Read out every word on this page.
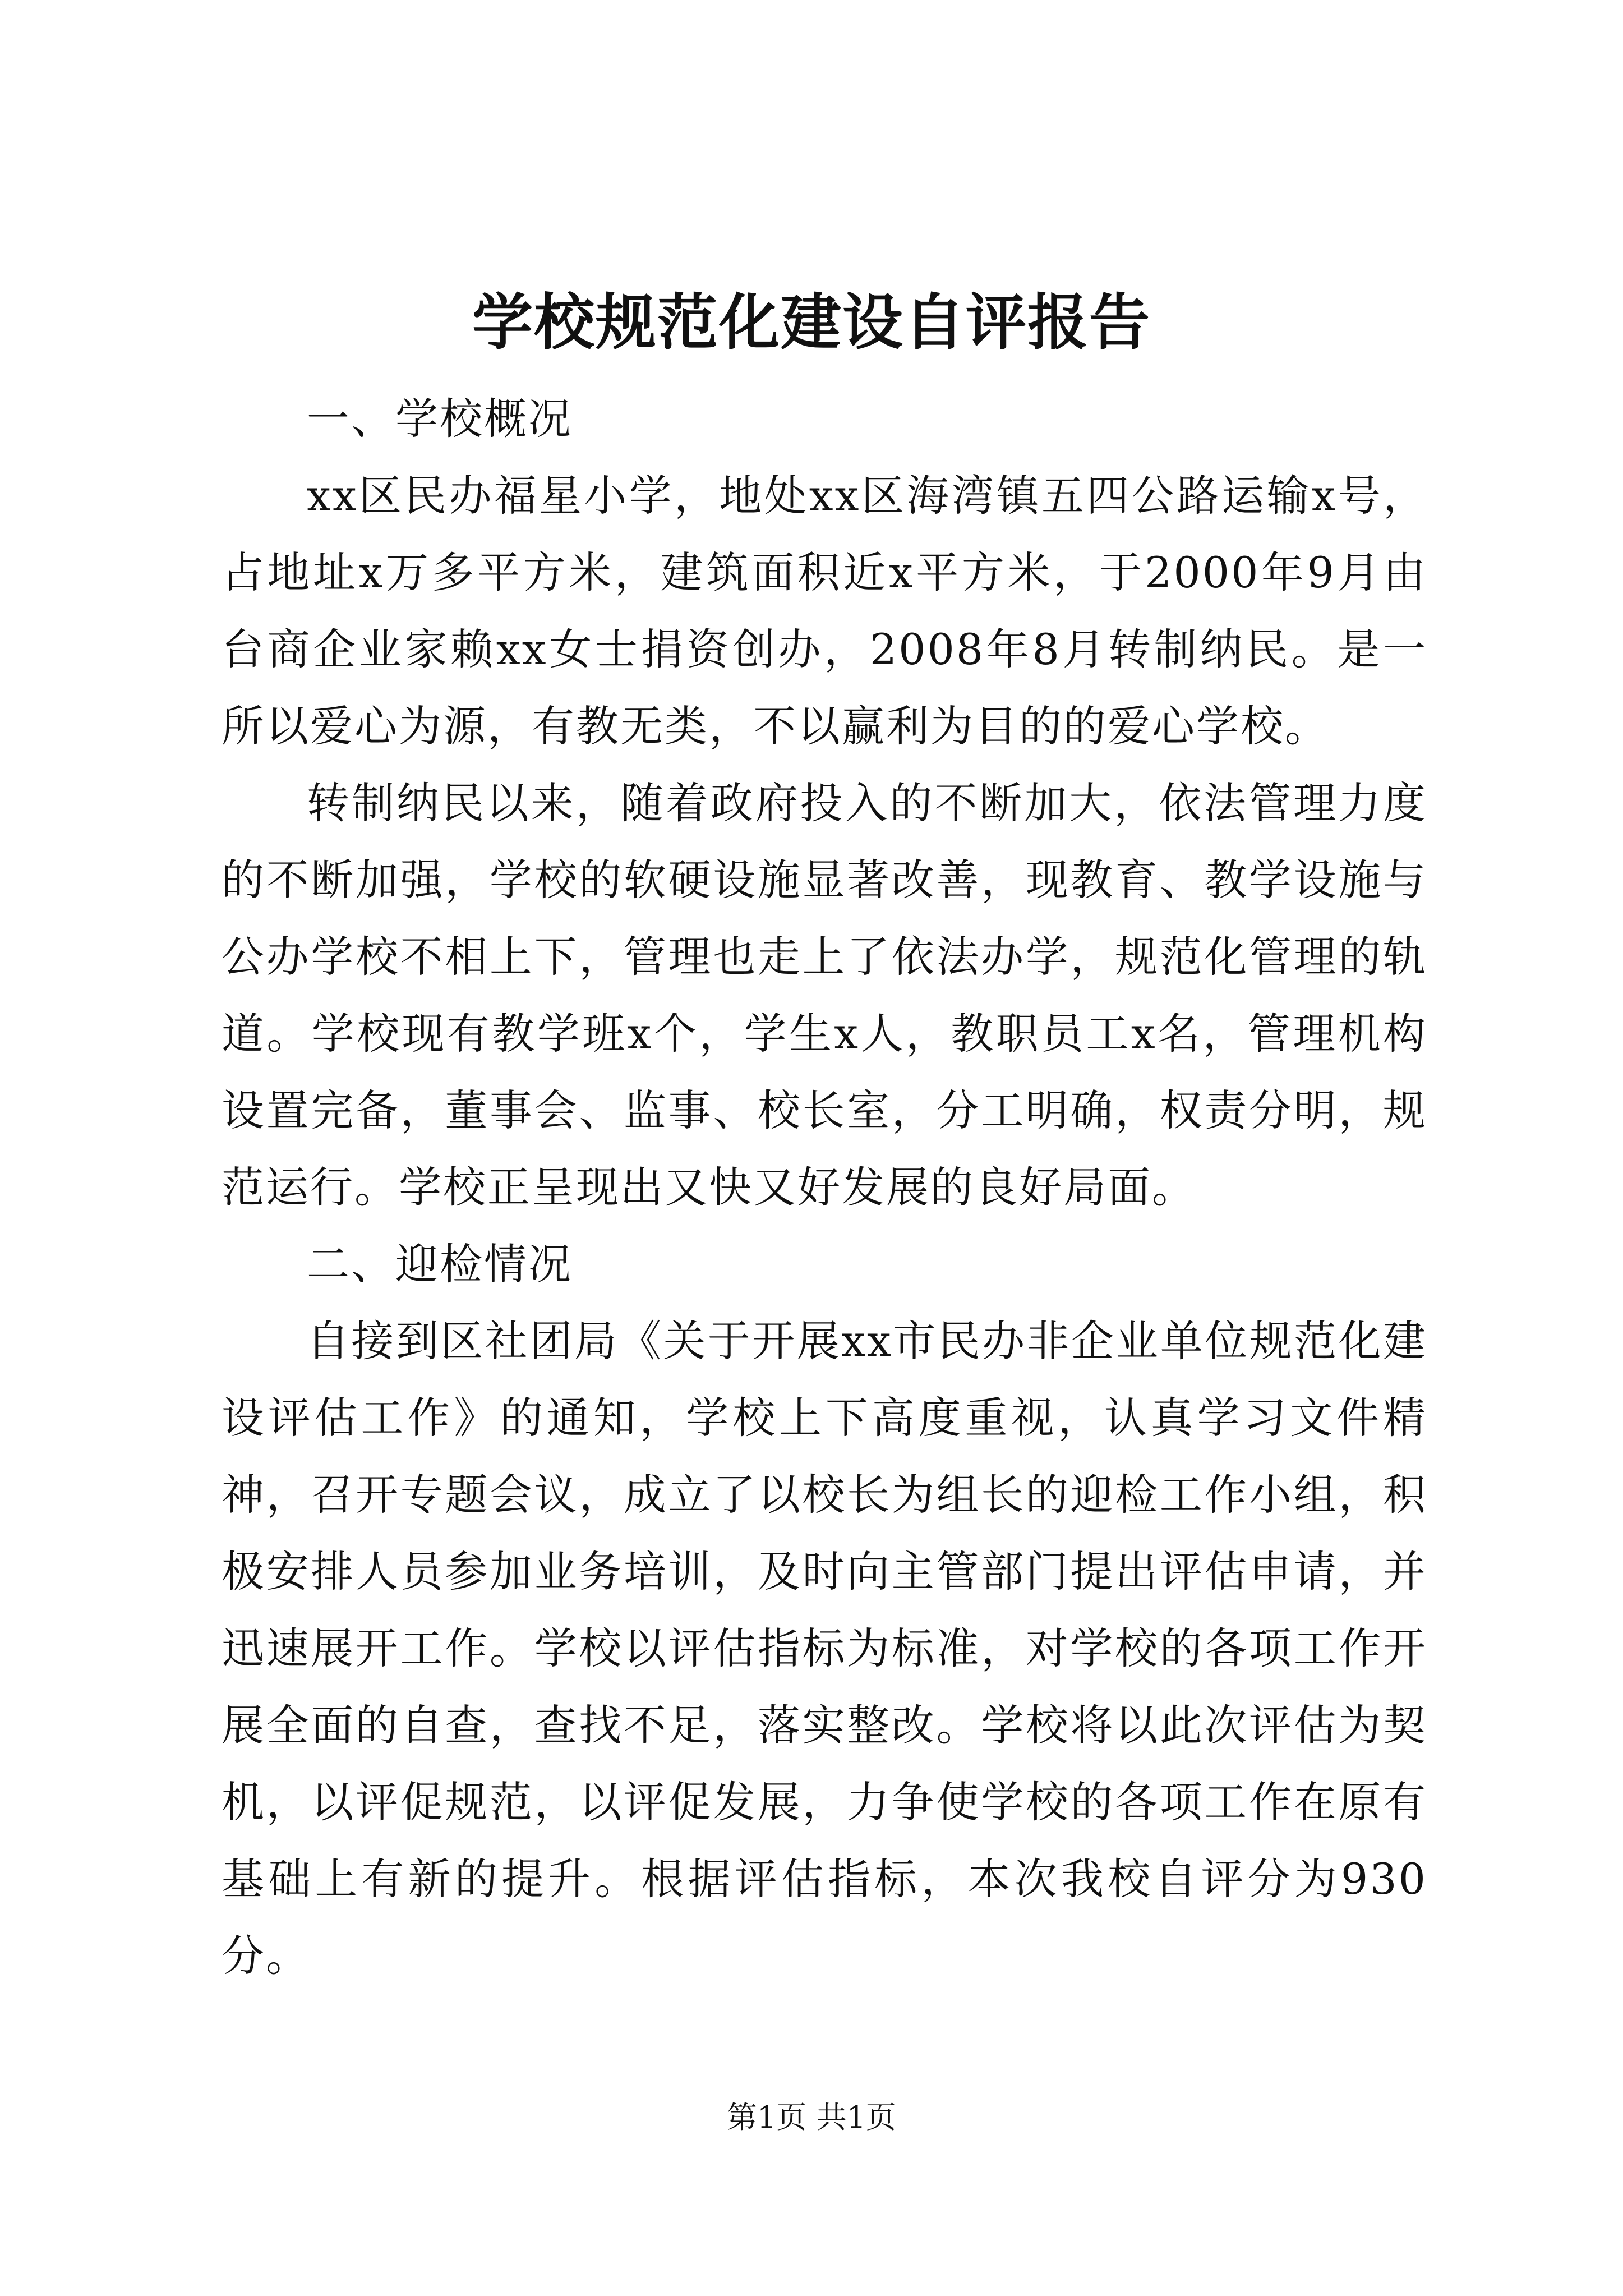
学校规范化建设自评报告

一、学校概况

xx区民办福星小学，地处xx区海湾镇五四公路运输x号，占地址x万多平方米，建筑面积近x平方米，于2000年9月由台商企业家赖xx女士捐资创办，2008年8月转制纳民。是一所以爱心为源，有教无类，不以赢利为目的的爱心学校。

转制纳民以来，随着政府投入的不断加大，依法管理力度的不断加强，学校的软硬设施显著改善，现教育、教学设施与公办学校不相上下，管理也走上了依法办学，规范化管理的轨道。学校现有教学班x个，学生x人，教职员工x名，管理机构设置完备，董事会、监事、校长室，分工明确，权责分明，规范运行。学校正呈现出又快又好发展的良好局面。

二、迎检情况

自接到区社团局《关于开展xx市民办非企业单位规范化建设评估工作》的通知，学校上下高度重视，认真学习文件精神，召开专题会议，成立了以校长为组长的迎检工作小组，积极安排人员参加业务培训，及时向主管部门提出评估申请，并迅速展开工作。学校以评估指标为标准，对学校的各项工作开展全面的自查，查找不足，落实整改。学校将以此次评估为契机，以评促规范，以评促发展，力争使学校的各项工作在原有基础上有新的提升。根据评估指标，本次我校自评分为930分。

第1页 共1页
